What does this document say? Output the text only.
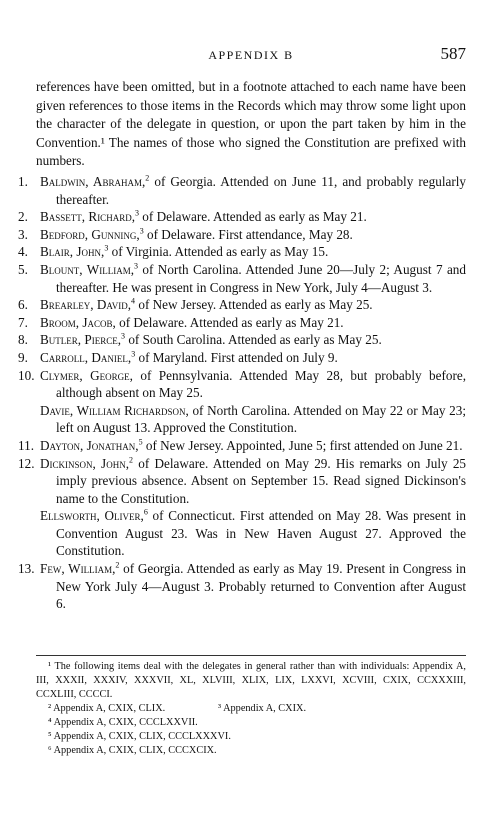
APPENDIX B	587
references have been omitted, but in a footnote attached to each name have been given references to those items in the Records which may throw some light upon the character of the delegate in question, or upon the part taken by him in the Convention.¹ The names of those who signed the Constitution are prefixed with numbers.
1. Baldwin, Abraham,$^2$ of Georgia. Attended on June 11, and probably regularly thereafter.
2. Bassett, Richard,$^3$ of Delaware. Attended as early as May 21.
3. Bedford, Gunning,$^3$ of Delaware. First attendance, May 28.
4. Blair, John,$^3$ of Virginia. Attended as early as May 15.
5. Blount, William,$^3$ of North Carolina. Attended June 20—July 2; August 7 and thereafter. He was present in Congress in New York, July 4—August 3.
6. Brearley, David,$^4$ of New Jersey. Attended as early as May 25.
7. Broom, Jacob, of Delaware. Attended as early as May 21.
8. Butler, Pierce,$^3$ of South Carolina. Attended as early as May 25.
9. Carroll, Daniel,$^3$ of Maryland. First attended on July 9.
10. Clymer, George, of Pennsylvania. Attended May 28, but probably before, although absent on May 25.
Davie, William Richardson, of North Carolina. Attended on May 22 or May 23; left on August 13. Approved the Constitution.
11. Dayton, Jonathan,$^5$ of New Jersey. Appointed, June 5; first attended on June 21.
12. Dickinson, John,$^2$ of Delaware. Attended on May 29. His remarks on July 25 imply previous absence. Absent on September 15. Read signed Dickinson's name to the Constitution.
Ellsworth, Oliver,$^6$ of Connecticut. First attended on May 28. Was present in Convention August 23. Was in New Haven August 27. Approved the Constitution.
13. Few, William,$^2$ of Georgia. Attended as early as May 19. Present in Congress in New York July 4—August 3. Probably returned to Convention after August 6.
¹ The following items deal with the delegates in general rather than with individuals: Appendix A, III, XXXII, XXXIV, XXXVII, XL, XLVIII, XLIX, LIX, LXXVI, XCVIII, CXIX, CCXXXIII, CCXLIII, CCCCI.
² Appendix A, CXIX, CLIX.	³ Appendix A, CXIX.
⁴ Appendix A, CXIX, CCCLXXVII.
⁵ Appendix A, CXIX, CLIX, CCCLXXXVI.
⁶ Appendix A, CXIX, CLIX, CCCXCIX.
